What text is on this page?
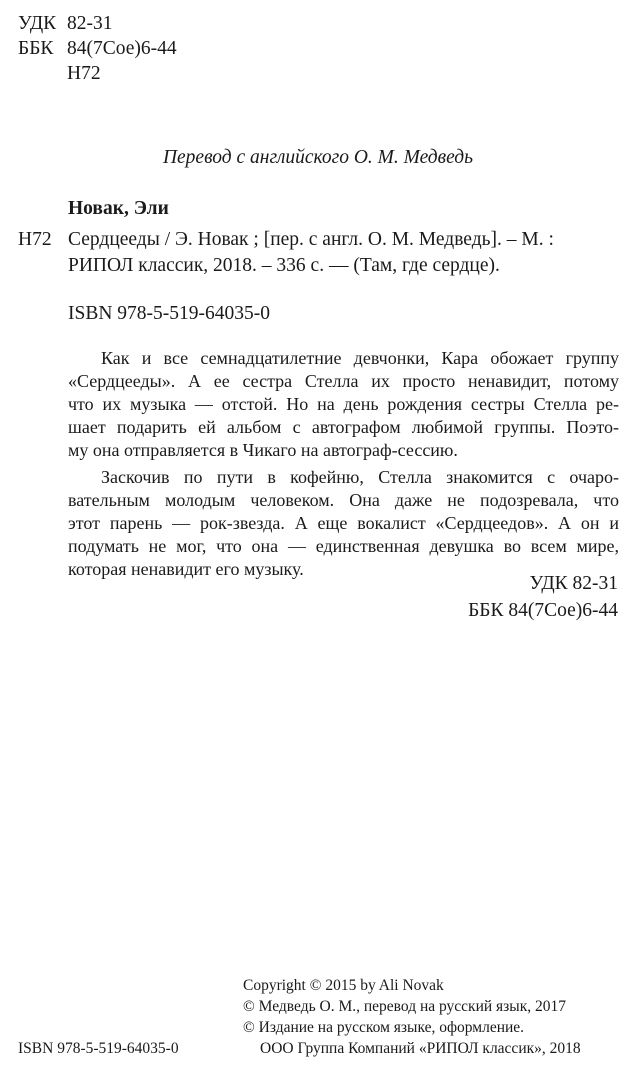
УДК 82-31
ББК 84(7Сое)6-44
Н72
Перевод с английского О. М. Медведь
Новак, Эли
Н72 Сердцееды / Э. Новак ; [пер. с англ. О. М. Медведь]. – М. :
РИПОЛ классик, 2018. – 336 с. — (Там, где сердце).
ISBN 978-5-519-64035-0
Как и все семнадцатилетние девчонки, Кара обожает группу
«Сердцееды». А ее сестра Стелла их просто ненавидит, потому
что их музыка — отстой. Но на день рождения сестры Стелла ре-
шает подарить ей альбом с автографом любимой группы. Поэто-
му она отправляется в Чикаго на автограф-сессию.
Заскочив по пути в кофейню, Стелла знакомится с очаро-
вательным молодым человеком. Она даже не подозревала, что
этот парень — рок-звезда. А еще вокалист «Сердцеедов». А он и
подумать не мог, что она — единственная девушка во всем мире,
которая ненавидит его музыку.
УДК 82-31
ББК 84(7Сое)6-44
Copyright © 2015 by Ali Novak
© Медведь О. М., перевод на русский язык, 2017
© Издание на русском языке, оформление.
ООО Группа Компаний «РИПОЛ классик», 2018
ISBN 978-5-519-64035-0
